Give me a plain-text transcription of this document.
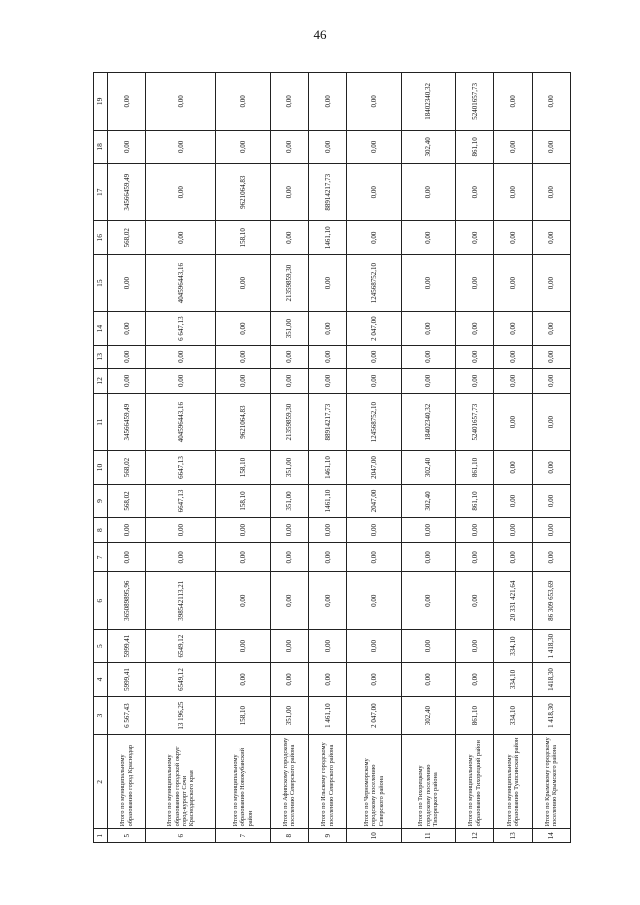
46
1	2	3	4	5	6	7	8	9	10	11	12	13	14	15	16	17	18	19
5	Итого по муниципальному образованию город Краснодар	6 567,43	5999,41	5999,41	365089895,96	0,00	0,00	568,02	568,02	34566459,49	0,00	0,00	0,00	0,00	568,02	34566459,49	0,00	0,00
6	Итого по муниципальному образованию городской округ город-курорт Сочи Краснодарского края	13 196,25	6549,12	6549,12	398542113,21	0,00	0,00	6647,13	6647,13	404596443,16	0,00	0,00	6 647,13	404596443,16	0,00	0,00	0,00	0,00
7	Итого по муниципальному образованию Новокубанский район	158,10	0,00	0,00	0,00	0,00	0,00	158,10	158,10	9621064,83	0,00	0,00	0,00	0,00	158,10	9621064,83	0,00	0,00
8	Итого по Афипскому городскому поселению Северского района	351,00	0,00	0,00	0,00	0,00	0,00	351,00	351,00	21359859,30	0,00	0,00	351,00	21359859,30	0,00	0,00	0,00	0,00
9	Итого по Ильскому городскому поселению Северского района	1 461,10	0,00	0,00	0,00	0,00	0,00	1461,10	1461,10	88914217,73	0,00	0,00	0,00	0,00	1461,10	88914217,73	0,00	0,00
10	Итого по Черноморскому городскому поселению Северского района	2 047,00	0,00	0,00	0,00	0,00	0,00	2047,00	2047,00	124568752,10	0,00	0,00	2 047,00	124568752,10	0,00	0,00	0,00	0,00
11	Итого по Тихорецкому городскому поселению Тихорецкого района	302,40	0,00	0,00	0,00	0,00	0,00	302,40	302,40	18402340,32	0,00	0,00	0,00	0,00	0,00	0,00	302,40	18402340,32
12	Итого по муниципальному образованию Тихорецкий район	861,10	0,00	0,00	0,00	0,00	0,00	861,10	861,10	52401657,73	0,00	0,00	0,00	0,00	0,00	0,00	861,10	52401657,73
13	Итого по муниципальному образованию Туапсинский район	334,10	334,10	334,10	20 331 421,64	0,00	0,00	0,00	0,00	0,00	0,00	0,00	0,00	0,00	0,00	0,00	0,00	0,00
14	Итого по Крымскому городскому поселению Крымского района	1 418,30	1418,30	1 418,30	86 309 653,69	0,00	0,00	0,00	0,00	0,00	0,00	0,00	0,00	0,00	0,00	0,00	0,00	0,00
